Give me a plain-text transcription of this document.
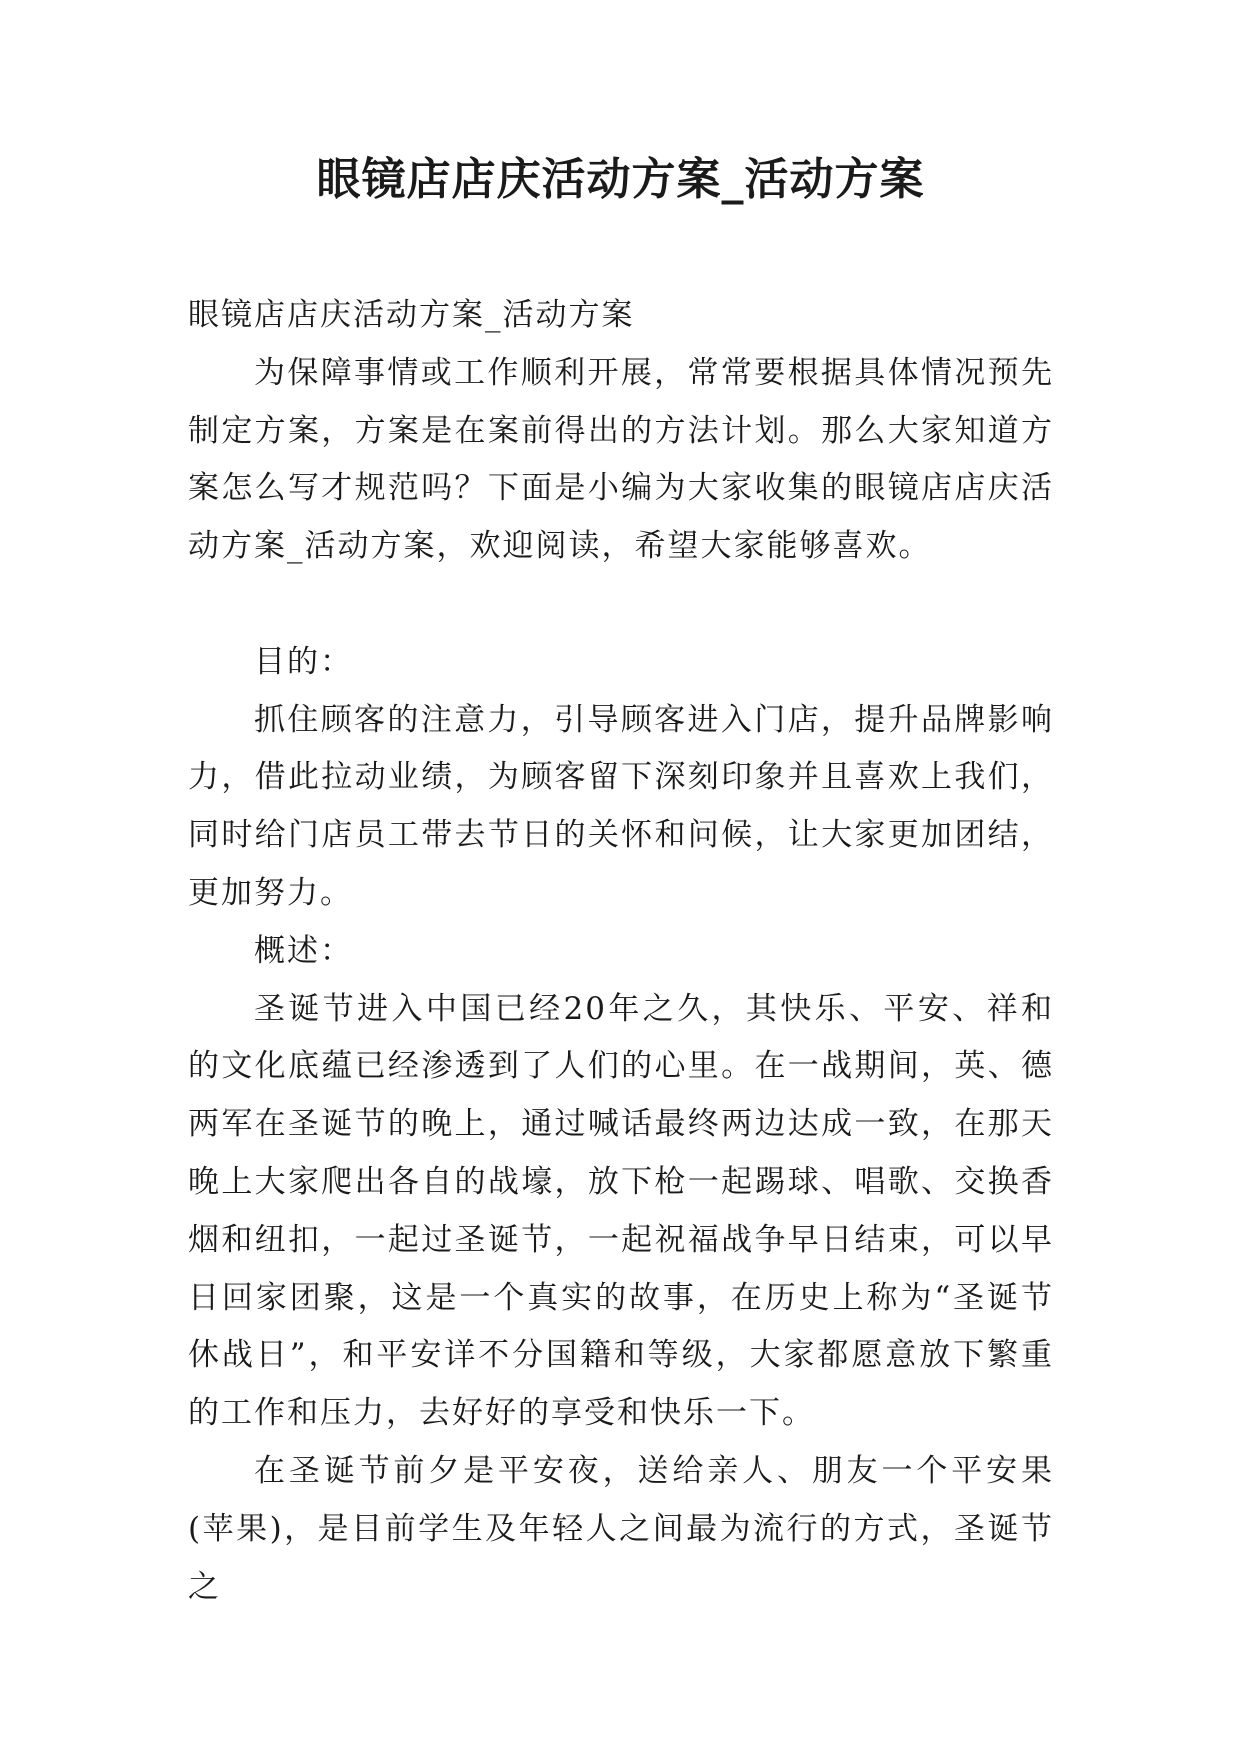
眼镜店店庆活动方案_活动方案

眼镜店店庆活动方案_活动方案

为保障事情或工作顺利开展，常常要根据具体情况预先制定方案，方案是在案前得出的方法计划。那么大家知道方案怎么写才规范吗？下面是小编为大家收集的眼镜店店庆活动方案_活动方案，欢迎阅读，希望大家能够喜欢。

目的：

抓住顾客的注意力，引导顾客进入门店，提升品牌影响力，借此拉动业绩，为顾客留下深刻印象并且喜欢上我们，同时给门店员工带去节日的关怀和问候，让大家更加团结，更加努力。

概述：

圣诞节进入中国已经20年之久，其快乐、平安、祥和的文化底蕴已经渗透到了人们的心里。在一战期间，英、德两军在圣诞节的晚上，通过喊话最终两边达成一致，在那天晚上大家爬出各自的战壕，放下枪一起踢球、唱歌、交换香烟和纽扣，一起过圣诞节，一起祝福战争早日结束，可以早日回家团聚，这是一个真实的故事，在历史上称为“圣诞节休战日”，和平安详不分国籍和等级，大家都愿意放下繁重的工作和压力，去好好的享受和快乐一下。

在圣诞节前夕是平安夜，送给亲人、朋友一个平安果(苹果)，是目前学生及年轻人之间最为流行的方式，圣诞节之
